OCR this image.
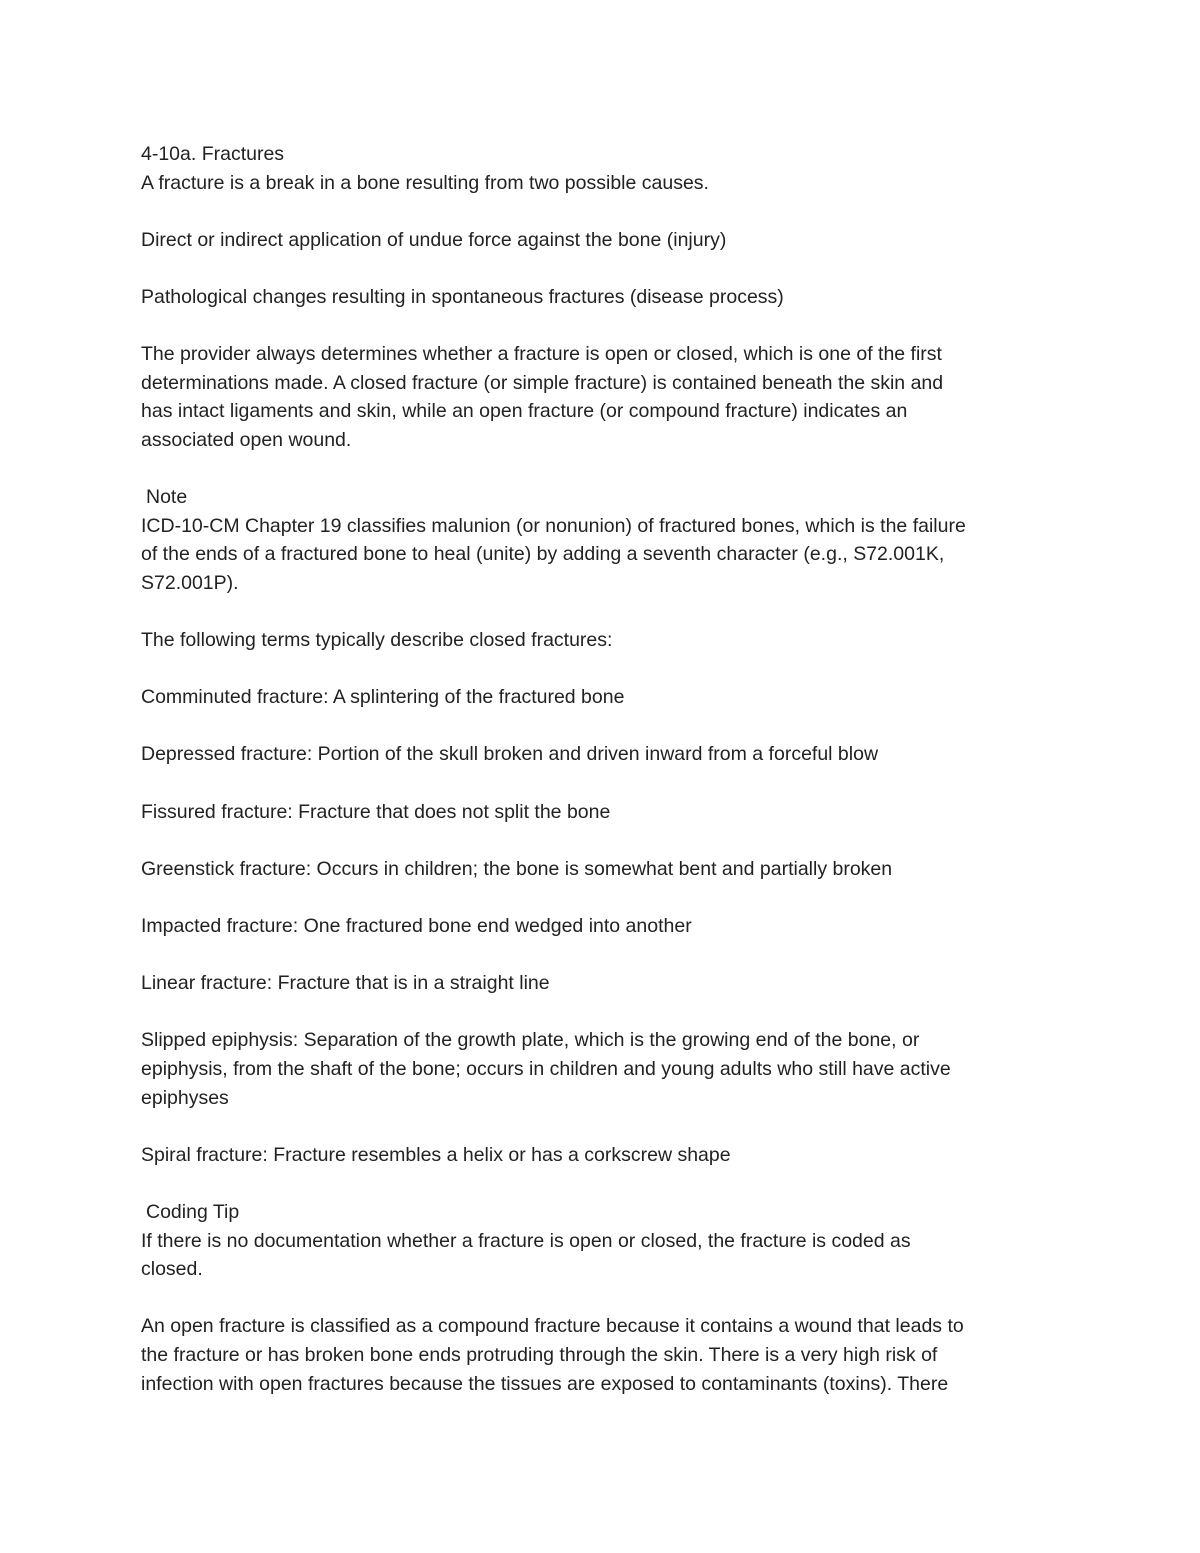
4-10a. Fractures

A fracture is a break in a bone resulting from two possible causes.

Direct or indirect application of undue force against the bone (injury)

Pathological changes resulting in spontaneous fractures (disease process)

The provider always determines whether a fracture is open or closed, which is one of the first

determinations made. A closed fracture (or simple fracture) is contained beneath the skin and

has intact ligaments and skin, while an open fracture (or compound fracture) indicates an

associated open wound.

Note

ICD-10-CM Chapter 19 classifies malunion (or nonunion) of fractured bones, which is the failure

of the ends of a fractured bone to heal (unite) by adding a seventh character (e.g., S72.001K,

S72.001P).

The following terms typically describe closed fractures:

Comminuted fracture: A splintering of the fractured bone

Depressed fracture: Portion of the skull broken and driven inward from a forceful blow

Fissured fracture: Fracture that does not split the bone

Greenstick fracture: Occurs in children; the bone is somewhat bent and partially broken

Impacted fracture: One fractured bone end wedged into another

Linear fracture: Fracture that is in a straight line

Slipped epiphysis: Separation of the growth plate, which is the growing end of the bone, or

epiphysis, from the shaft of the bone; occurs in children and young adults who still have active

epiphyses

Spiral fracture: Fracture resembles a helix or has a corkscrew shape

Coding Tip

If there is no documentation whether a fracture is open or closed, the fracture is coded as

closed.

An open fracture is classified as a compound fracture because it contains a wound that leads to

the fracture or has broken bone ends protruding through the skin. There is a very high risk of

infection with open fractures because the tissues are exposed to contaminants (toxins). There
